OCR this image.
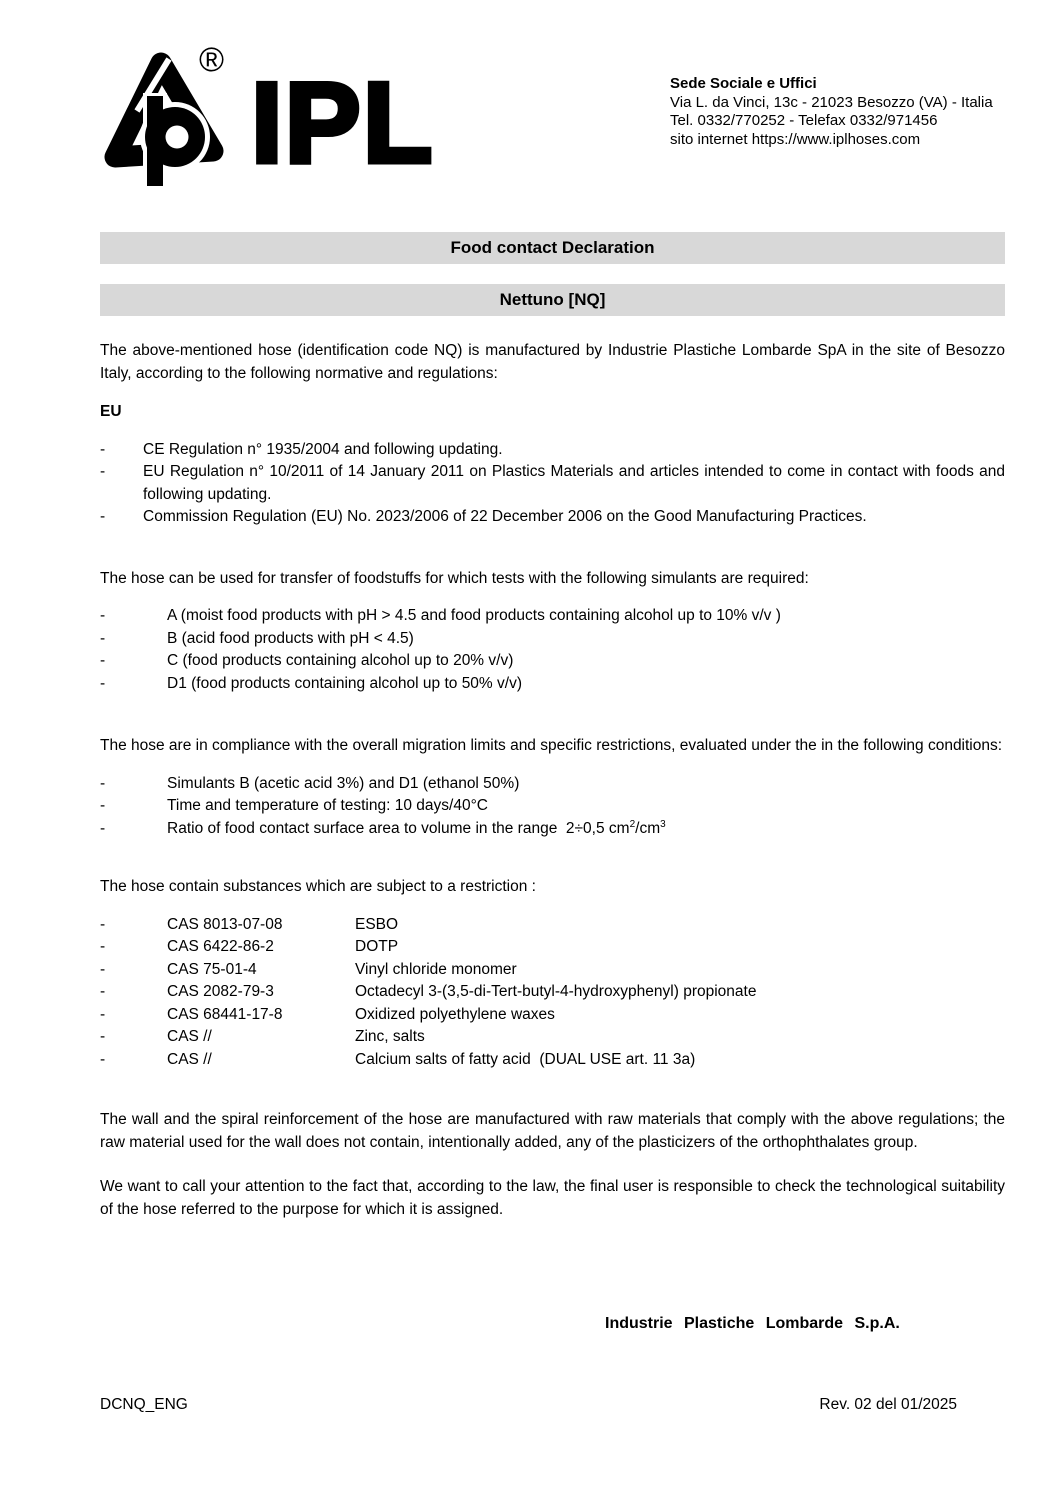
® IPL	Sede Sociale e Uffici
Via L. da Vinci, 13c - 21023 Besozzo (VA) - Italia
Tel. 0332/770252 - Telefax 0332/971456
sito internet https://www.iplhoses.com
Food contact Declaration
Nettuno [NQ]

The above-mentioned hose (identification code NQ) is manufactured by Industrie Plastiche Lombarde SpA in the site of Besozzo Italy, according to the following normative and regulations:

EU

-	CE Regulation n° 1935/2004 and following updating.
-	EU Regulation n° 10/2011 of 14 January 2011 on Plastics Materials and articles intended to come in contact with foods and following updating.
-	Commission Regulation (EU) No. 2023/2006 of 22 December 2006 on the Good Manufacturing Practices.

The hose can be used for transfer of foodstuffs for which tests with the following simulants are required:

-	A (moist food products with pH > 4.5 and food products containing alcohol up to 10% v/v )
-	B (acid food products with pH < 4.5)
-	C (food products containing alcohol up to 20% v/v)
-	D1 (food products containing alcohol up to 50% v/v)

The hose are in compliance with the overall migration limits and specific restrictions, evaluated under the in the following conditions:

-	Simulants B (acetic acid 3%) and D1 (ethanol 50%)
-	Time and temperature of testing: 10 days/40°C
-	Ratio of food contact surface area to volume in the range  2÷0,5 $cm^2/cm^3$

The hose contain substances which are subject to a restriction :

-	CAS 8013-07-08	ESBO
-	CAS 6422-86-2	DOTP
-	CAS 75-01-4	Vinyl chloride monomer
-	CAS 2082-79-3	Octadecyl 3-(3,5-di-Tert-butyl-4-hydroxyphenyl) propionate
-	CAS 68441-17-8	Oxidized polyethylene waxes
-	CAS //	Zinc, salts
-	CAS //	Calcium salts of fatty acid  (DUAL USE art. 11 3a)

The wall and the spiral reinforcement of the hose are manufactured with raw materials that comply with the above regulations; the raw material used for the wall does not contain, intentionally added, any of the plasticizers of the orthophthalates group.

We want to call your attention to the fact that, according to the law, the final user is responsible to check the technological suitability of the hose referred to the purpose for which it is assigned.

Industrie Plastiche Lombarde S.p.A.
DCNQ_ENG	Rev. 02 del 01/2025
